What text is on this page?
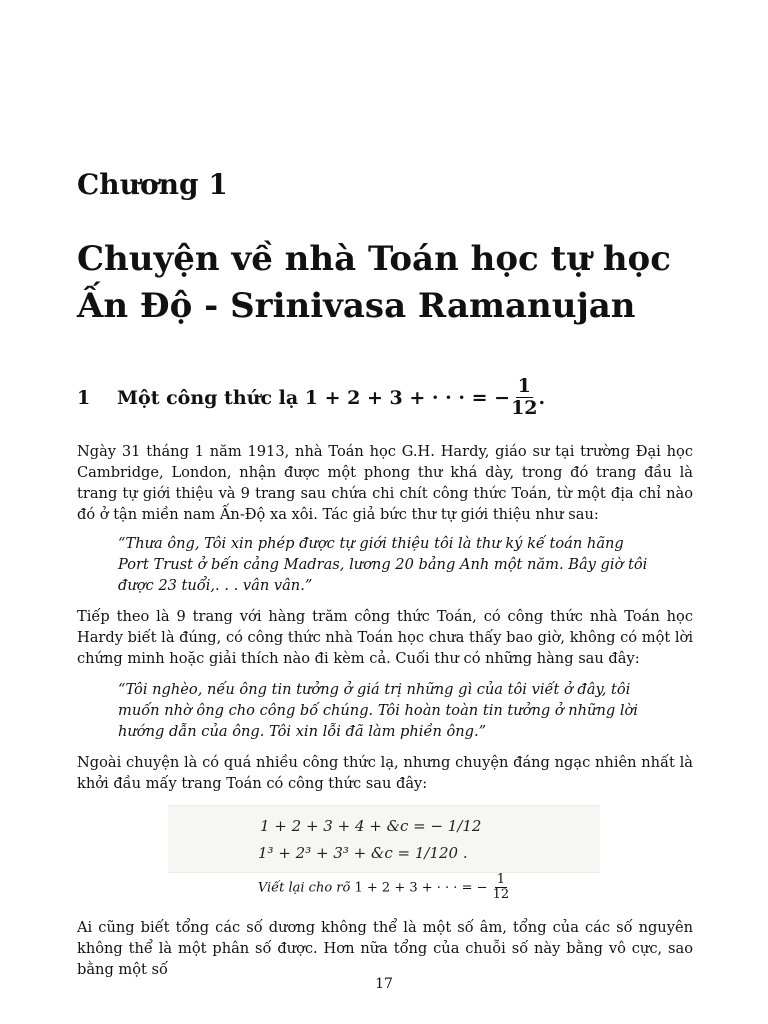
Chương 1
Chuyện về nhà Toán học tự học Ấn Độ - Srinivasa Ramanujan
1	Một công thức lạ
1 + 2 + 3 + · · · = − $\frac{1}{12}$ .

Ngày 31 tháng 1 năm 1913, nhà Toán học G.H. Hardy, giáo sư tại trường Đại học Cambridge, London, nhận được một phong thư khá dày, trong đó trang đầu là trang tự giới thiệu và 9 trang sau chứa chi chít công thức Toán, từ một địa chỉ nào đó ở tận miền nam Ấn-Độ xa xôi. Tác giả bức thư tự giới thiệu như sau:

“Thưa ông, Tôi xin phép được tự giới thiệu tôi là thư ký kế toán hãng Port Trust ở bến cảng Madras, lương 20 bảng Anh một năm. Bây giờ tôi được 23 tuổi,. . . vân vân.”

Tiếp theo là 9 trang với hàng trăm công thức Toán, có công thức nhà Toán học Hardy biết là đúng, có công thức nhà Toán học chưa thấy bao giờ, không có một lời chứng minh hoặc giải thích nào đi kèm cả. Cuối thư có những hàng sau đây:

“Tôi nghèo, nếu ông tin tưởng ở giá trị những gì của tôi viết ở đây, tôi muốn nhờ ông cho công bố chúng. Tôi hoàn toàn tin tưởng ở những lời hướng dẫn của ông. Tôi xin lỗi đã làm phiền ông.”

Ngoài chuyện là có quá nhiều công thức lạ, nhưng chuyện đáng ngạc nhiên nhất là khởi đầu mấy trang Toán có công thức sau đây:

1 + 2 + 3 + 4 + &c = − 1/12
1³ + 2³ + 3³ + &c = 1/120 .
Viết lại cho rõ 1 + 2 + 3 + · · · = − $\frac{1}{12}$

Ai cũng biết tổng các số dương không thể là một số âm, tổng của các số nguyên không thể là một phân số được. Hơn nữa tổng của chuỗi số này bằng vô cực, sao bằng một số

17
